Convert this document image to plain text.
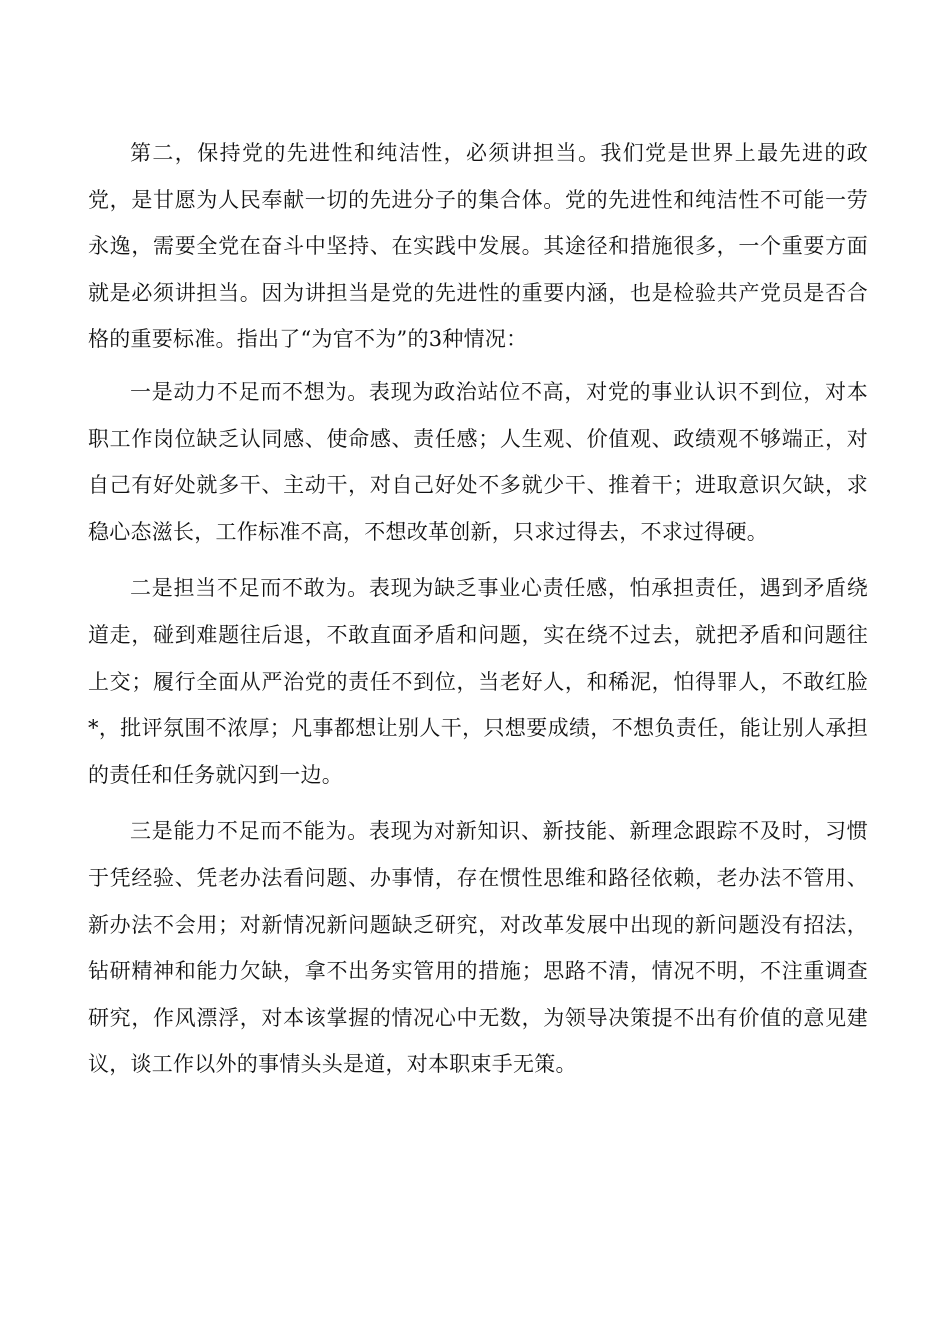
第二，保持党的先进性和纯洁性，必须讲担当。我们党是世界上最先进的政党，是甘愿为人民奉献一切的先进分子的集合体。党的先进性和纯洁性不可能一劳永逸，需要全党在奋斗中坚持、在实践中发展。其途径和措施很多，一个重要方面就是必须讲担当。因为讲担当是党的先进性的重要内涵，也是检验共产党员是否合格的重要标准。指出了“为官不为”的3种情况：

一是动力不足而不想为。表现为政治站位不高，对党的事业认识不到位，对本职工作岗位缺乏认同感、使命感、责任感；人生观、价值观、政绩观不够端正，对自己有好处就多干、主动干，对自己好处不多就少干、推着干；进取意识欠缺，求稳心态滋长，工作标准不高，不想改革创新，只求过得去，不求过得硬。

二是担当不足而不敢为。表现为缺乏事业心责任感，怕承担责任，遇到矛盾绕道走，碰到难题往后退，不敢直面矛盾和问题，实在绕不过去，就把矛盾和问题往上交；履行全面从严治党的责任不到位，当老好人，和稀泥，怕得罪人，不敢红脸*，批评氛围不浓厚；凡事都想让别人干，只想要成绩，不想负责任，能让别人承担的责任和任务就闪到一边。

三是能力不足而不能为。表现为对新知识、新技能、新理念跟踪不及时，习惯于凭经验、凭老办法看问题、办事情，存在惯性思维和路径依赖，老办法不管用、新办法不会用；对新情况新问题缺乏研究，对改革发展中出现的新问题没有招法，钻研精神和能力欠缺，拿不出务实管用的措施；思路不清，情况不明，不注重调查研究，作风漂浮，对本该掌握的情况心中无数，为领导决策提不出有价值的意见建议，谈工作以外的事情头头是道，对本职束手无策。
